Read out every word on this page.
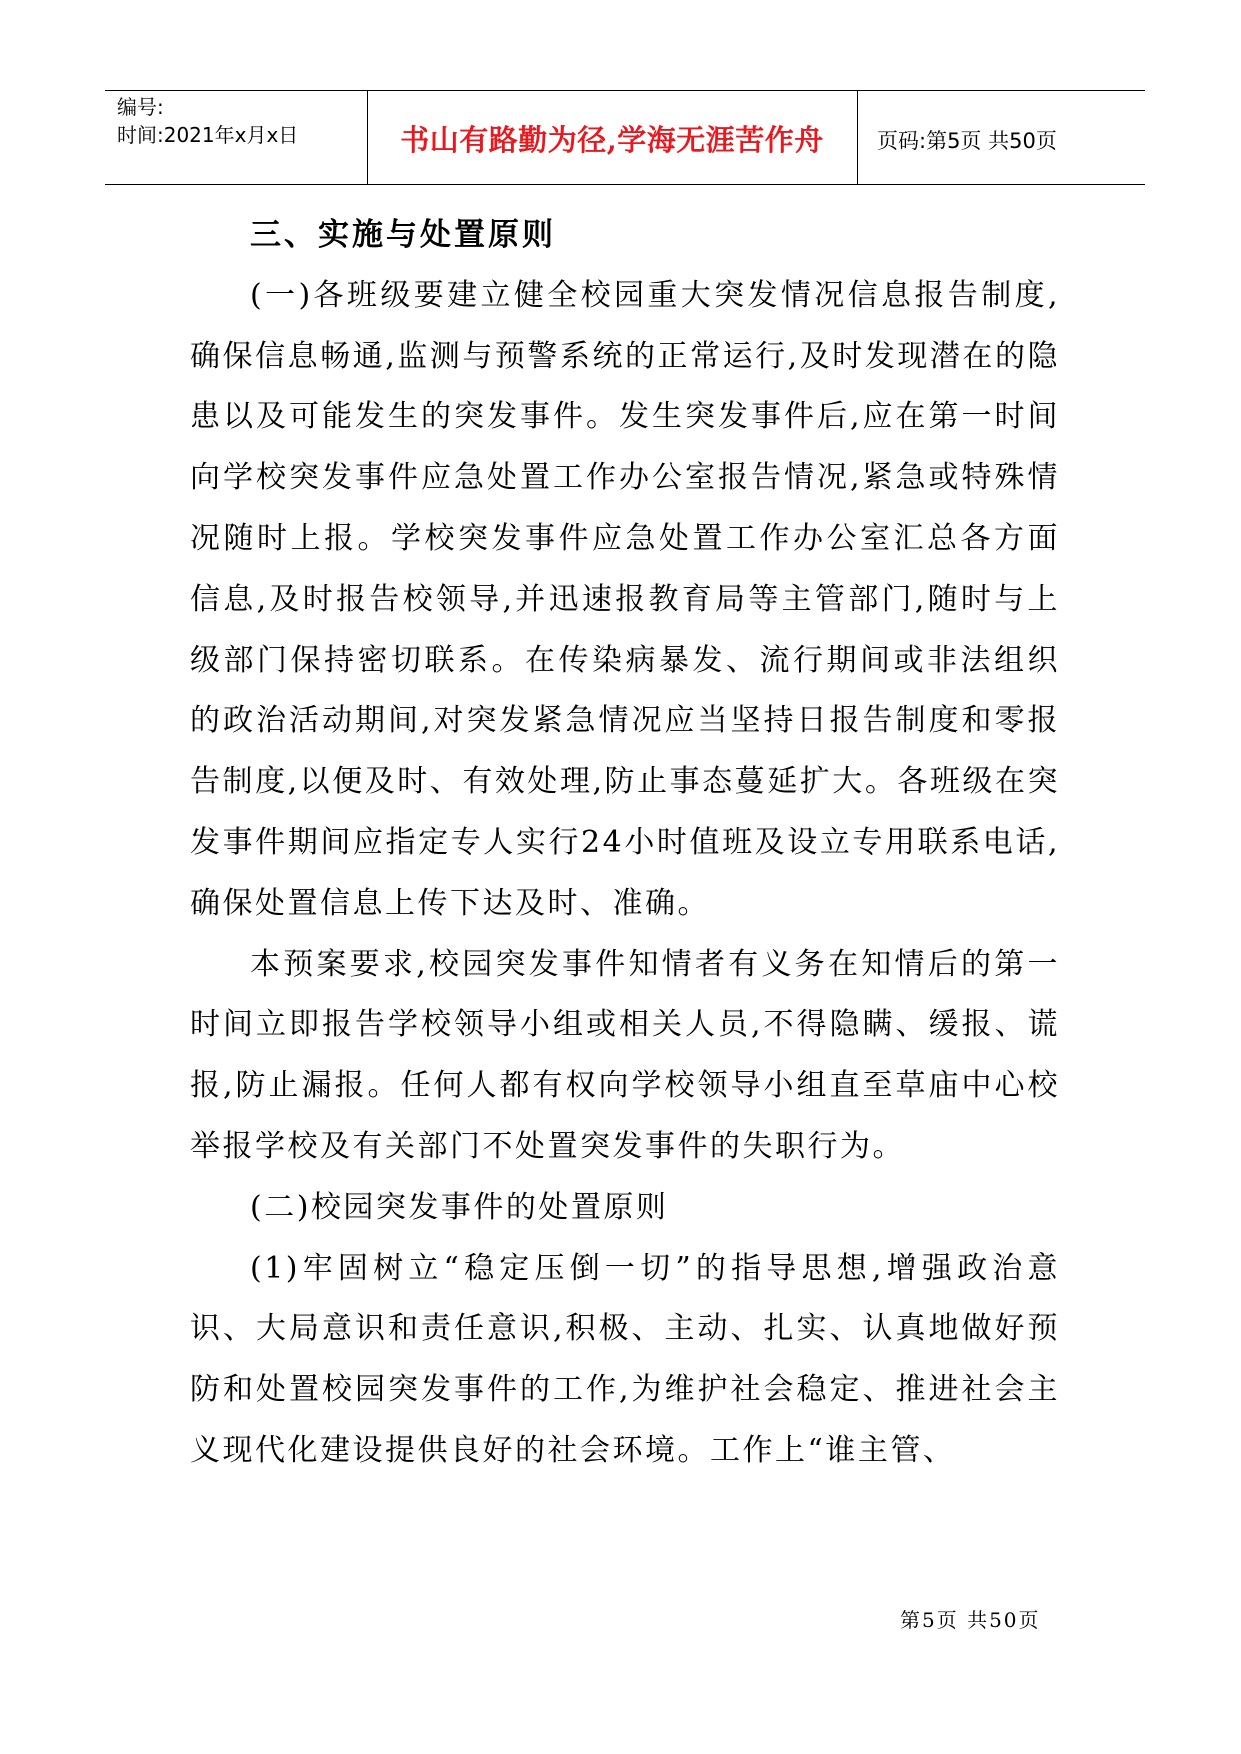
编号:
时间:2021年x月x日	书山有路勤为径,学海无涯苦作舟	页码:第5页 共50页
三、实施与处置原则

(一)各班级要建立健全校园重大突发情况信息报告制度,确保信息畅通,监测与预警系统的正常运行,及时发现潜在的隐患以及可能发生的突发事件。发生突发事件后,应在第一时间向学校突发事件应急处置工作办公室报告情况,紧急或特殊情况随时上报。学校突发事件应急处置工作办公室汇总各方面信息,及时报告校领导,并迅速报教育局等主管部门,随时与上级部门保持密切联系。在传染病暴发、流行期间或非法组织的政治活动期间,对突发紧急情况应当坚持日报告制度和零报告制度,以便及时、有效处理,防止事态蔓延扩大。各班级在突发事件期间应指定专人实行24小时值班及设立专用联系电话,确保处置信息上传下达及时、准确。

本预案要求,校园突发事件知情者有义务在知情后的第一时间立即报告学校领导小组或相关人员,不得隐瞒、缓报、谎报,防止漏报。任何人都有权向学校领导小组直至草庙中心校举报学校及有关部门不处置突发事件的失职行为。

(二)校园突发事件的处置原则

(1)牢固树立“稳定压倒一切”的指导思想,增强政治意识、大局意识和责任意识,积极、主动、扎实、认真地做好预防和处置校园突发事件的工作,为维护社会稳定、推进社会主义现代化建设提供良好的社会环境。工作上“谁主管、

第5页 共50页
